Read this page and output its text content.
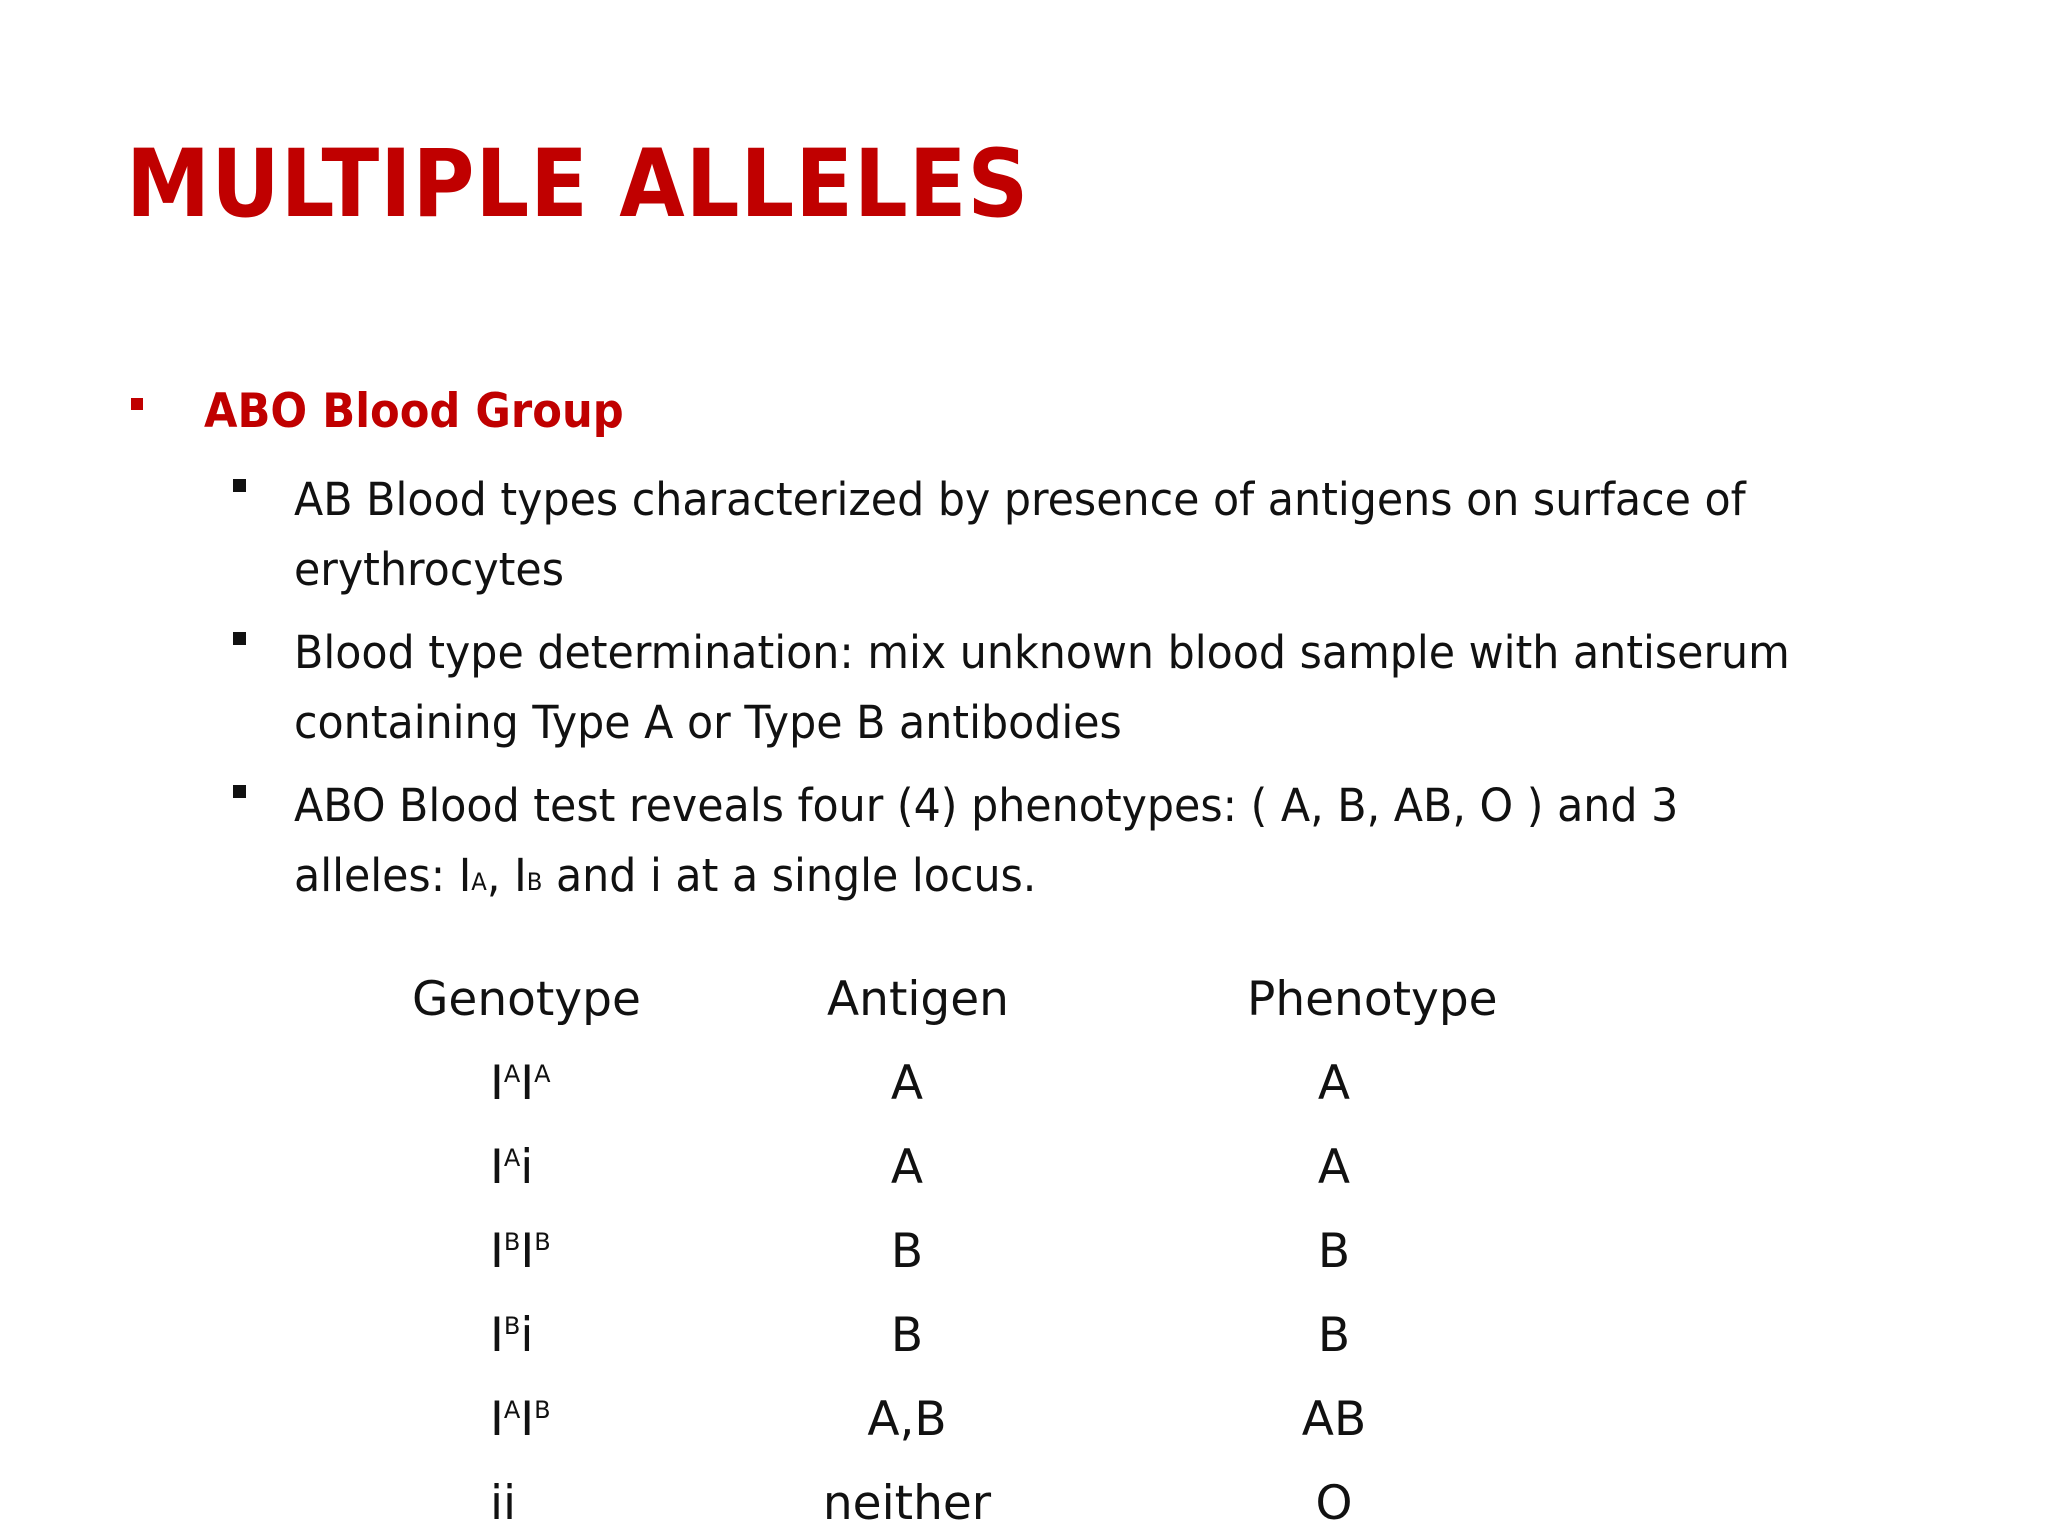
MULTIPLE ALLELES
ABO Blood Group
AB Blood types characterized by presence of antigens on surface of
erythrocytes
Blood type determination: mix unknown blood sample with antiserum
containing Type A or Type B antibodies
ABO Blood test reveals four (4) phenotypes: ( A, B, AB, O ) and 3
alleles: $I^A$, $I^B$ and i at a single locus.
Genotype	Antigen	Phenotype
$I^AI^A$	A	A
$I^Ai$	A	A
$I^BI^B$	B	B
$I^Bi$	B	B
$I^AI^B$	A,B	AB
ii	neither	O
